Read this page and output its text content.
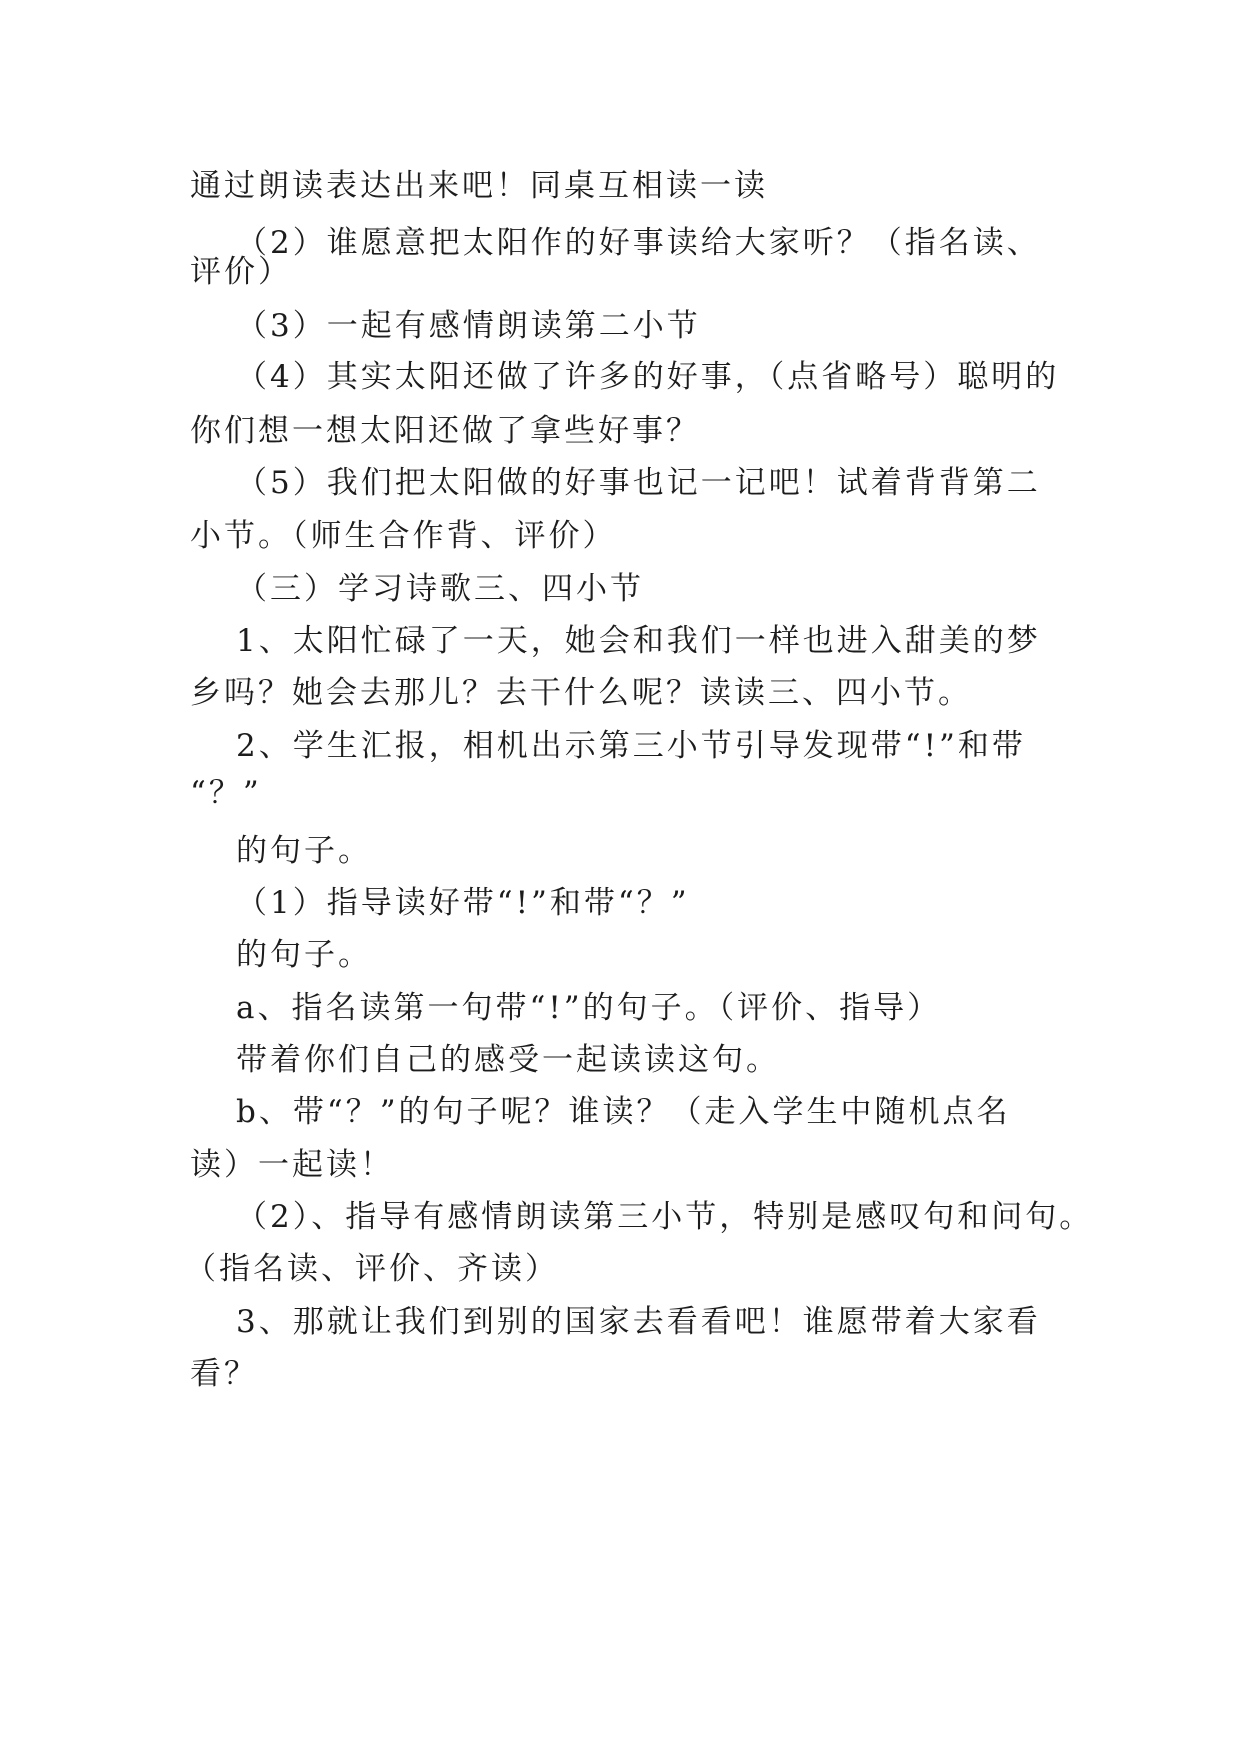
通过朗读表达出来吧！同桌互相读一读
（2）谁愿意把太阳作的好事读给大家听？（指名读、
评价）
（3）一起有感情朗读第二小节
（4）其实太阳还做了许多的好事，（点省略号）聪明的
你们想一想太阳还做了拿些好事？
（5）我们把太阳做的好事也记一记吧！试着背背第二
小节。（师生合作背、评价）
（三）学习诗歌三、四小节
1、太阳忙碌了一天，她会和我们一样也进入甜美的梦
乡吗？她会去那儿？去干什么呢？读读三、四小节。
2、学生汇报，相机出示第三小节引导发现带“!”和带
“？”
的句子。
（1）指导读好带“!”和带“？”
的句子。
a、指名读第一句带“!”的句子。（评价、指导）
带着你们自己的感受一起读读这句。
b、带“？”的句子呢？谁读？（走入学生中随机点名
读）一起读！
（2）、指导有感情朗读第三小节，特别是感叹句和问句。
（指名读、评价、齐读）
3、那就让我们到别的国家去看看吧！谁愿带着大家看
看？
